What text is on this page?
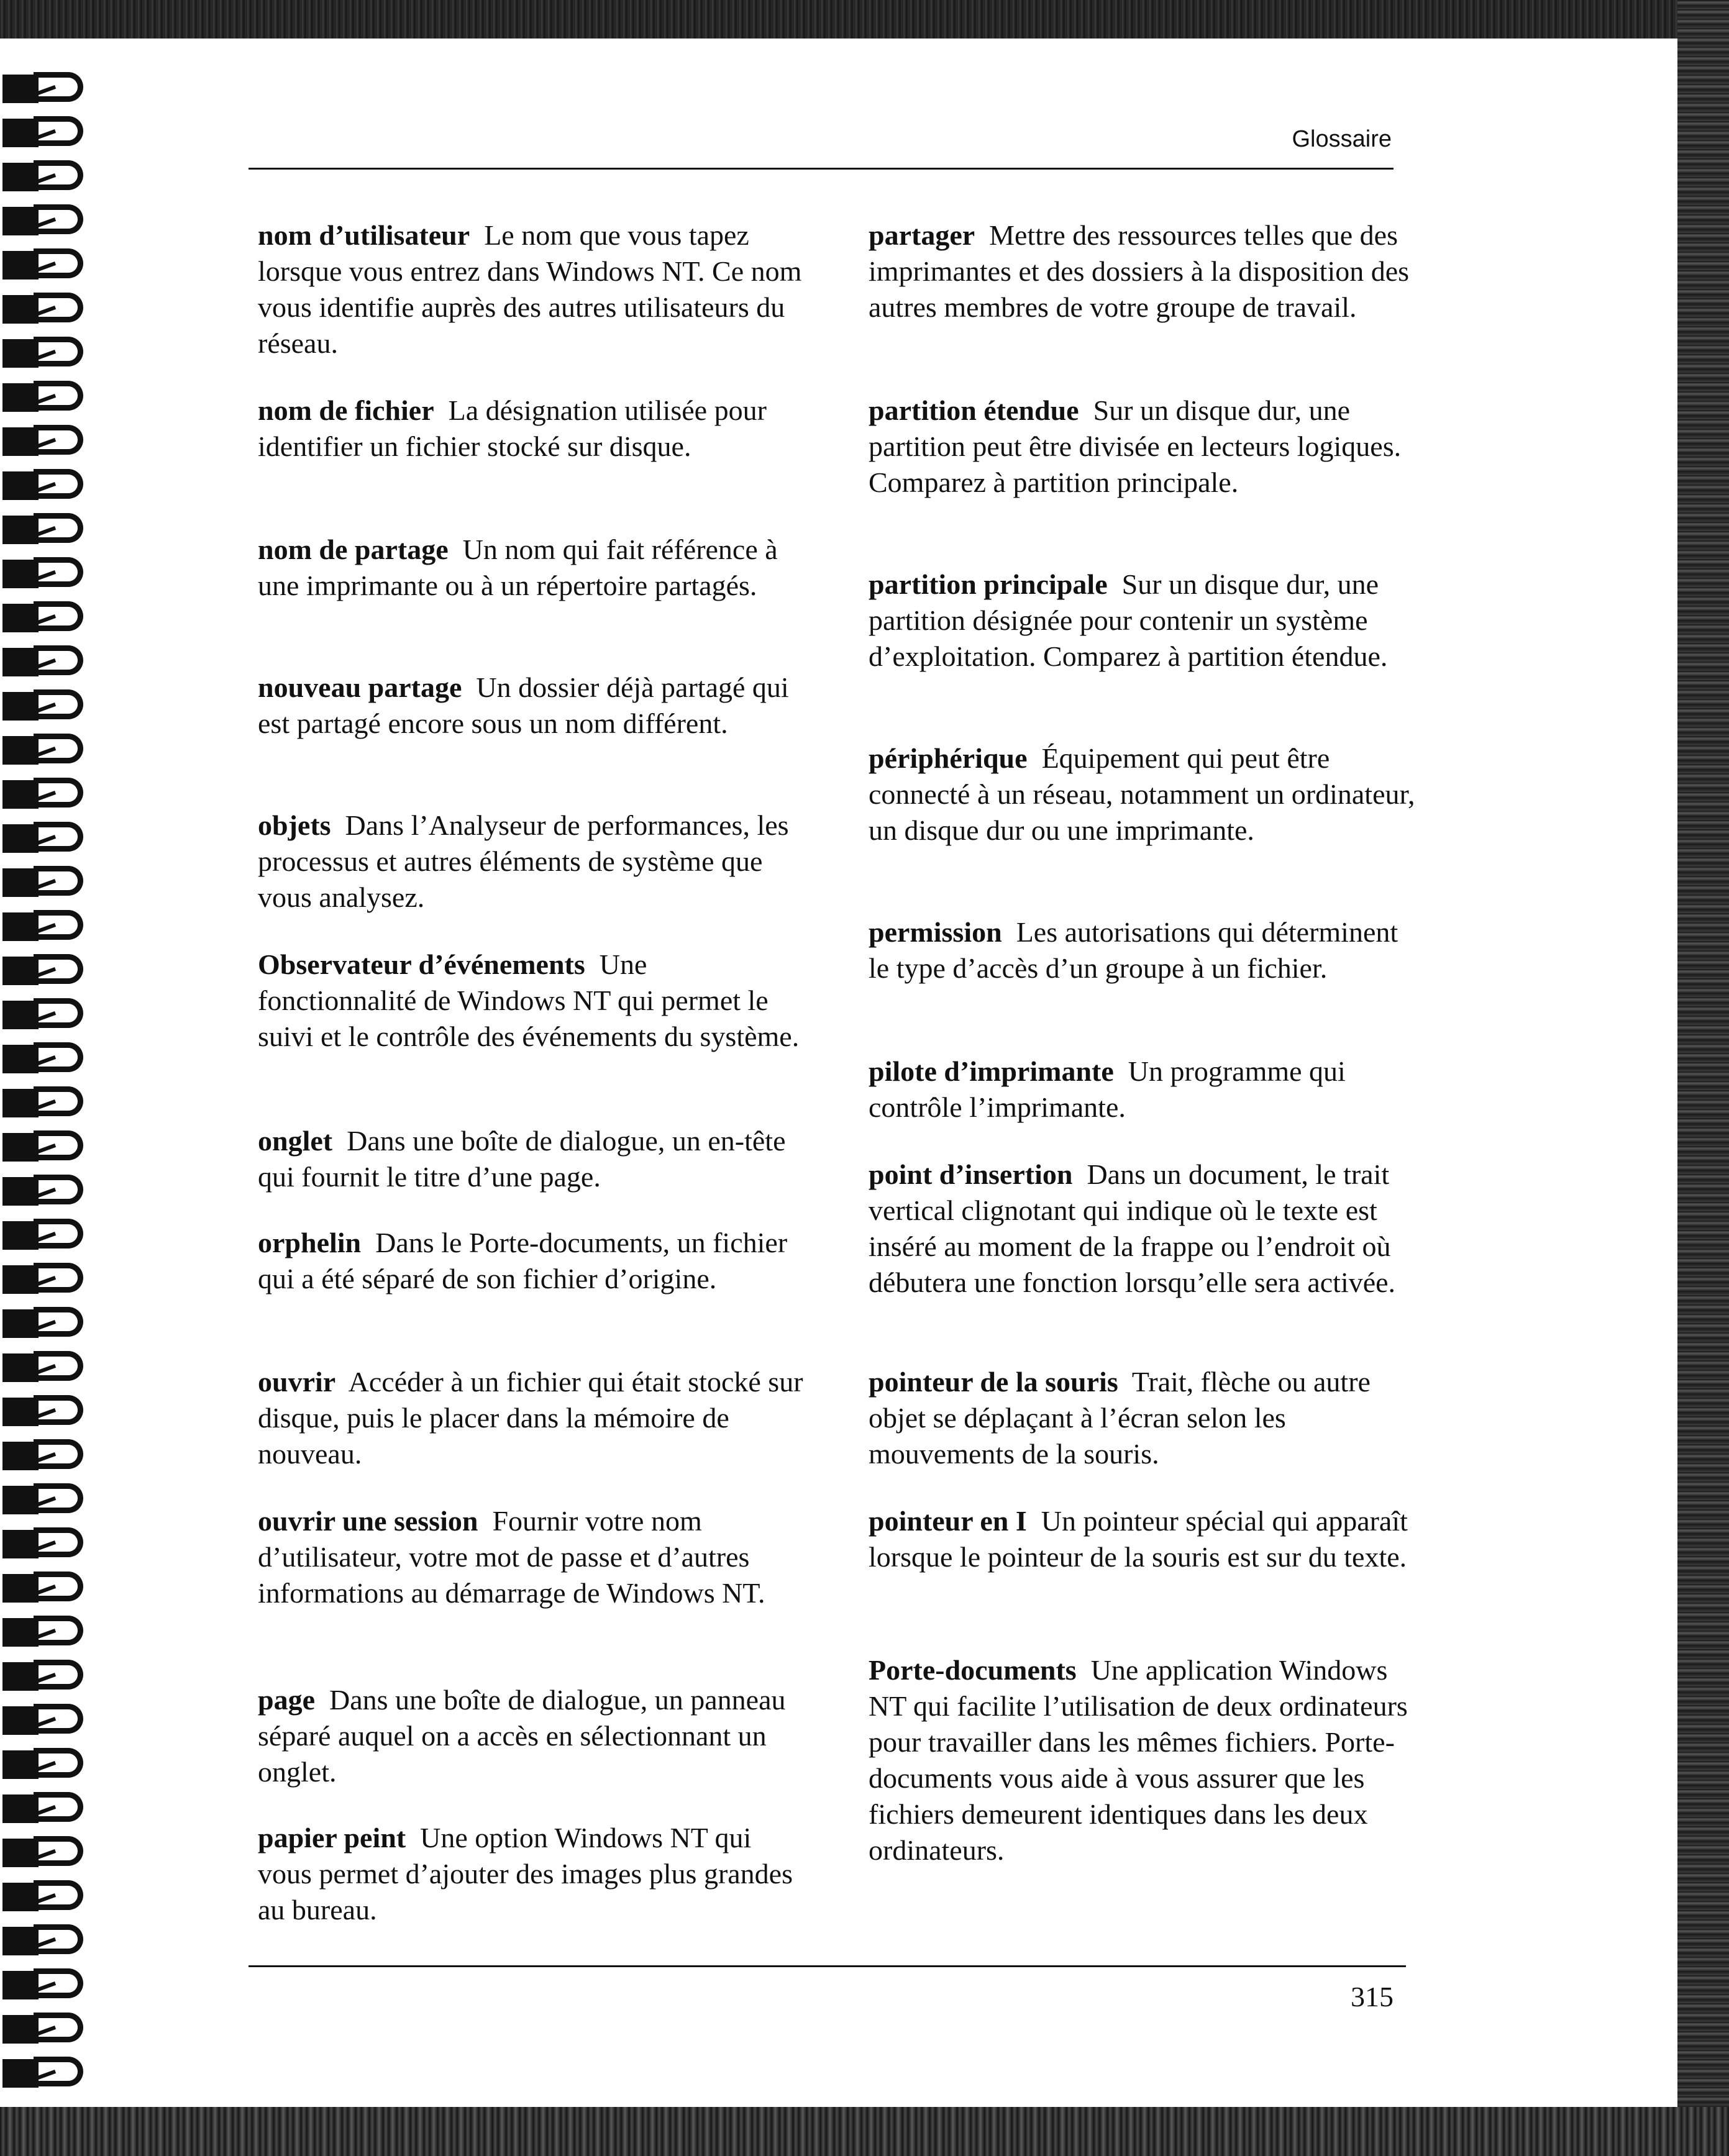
Glossaire
nom d’utilisateur Le nom que vous tapez lorsque vous entrez dans Windows NT. Ce nom vous identifie auprès des autres utilisateurs du réseau.
nom de fichier La désignation utilisée pour identifier un fichier stocké sur disque.
nom de partage Un nom qui fait référence à une imprimante ou à un répertoire partagés.
nouveau partage Un dossier déjà partagé qui est partagé encore sous un nom différent.
objets Dans l’Analyseur de performances, les processus et autres éléments de système que vous analysez.
Observateur d’événements Une fonctionnalité de Windows NT qui permet le suivi et le contrôle des événements du système.
onglet Dans une boîte de dialogue, un en-tête qui fournit le titre d’une page.
orphelin Dans le Porte-documents, un fichier qui a été séparé de son fichier d’origine.
ouvrir Accéder à un fichier qui était stocké sur disque, puis le placer dans la mémoire de nouveau.
ouvrir une session Fournir votre nom d’utilisateur, votre mot de passe et d’autres informations au démarrage de Windows NT.
page Dans une boîte de dialogue, un panneau séparé auquel on a accès en sélectionnant un onglet.
papier peint Une option Windows NT qui vous permet d’ajouter des images plus grandes au bureau.
partager Mettre des ressources telles que des imprimantes et des dossiers à la disposition des autres membres de votre groupe de travail.
partition étendue Sur un disque dur, une partition peut être divisée en lecteurs logiques. Comparez à partition principale.
partition principale Sur un disque dur, une partition désignée pour contenir un système d’exploitation. Comparez à partition étendue.
périphérique Équipement qui peut être connecté à un réseau, notamment un ordinateur, un disque dur ou une imprimante.
permission Les autorisations qui déterminent le type d’accès d’un groupe à un fichier.
pilote d’imprimante Un programme qui contrôle l’imprimante.
point d’insertion Dans un document, le trait vertical clignotant qui indique où le texte est inséré au moment de la frappe ou l’endroit où débutera une fonction lorsqu’elle sera activée.
pointeur de la souris Trait, flèche ou autre objet se déplaçant à l’écran selon les mouvements de la souris.
pointeur en I Un pointeur spécial qui apparaît lorsque le pointeur de la souris est sur du texte.
Porte-documents Une application Windows NT qui facilite l’utilisation de deux ordinateurs pour travailler dans les mêmes fichiers. Porte-documents vous aide à vous assurer que les fichiers demeurent identiques dans les deux ordinateurs.
315
